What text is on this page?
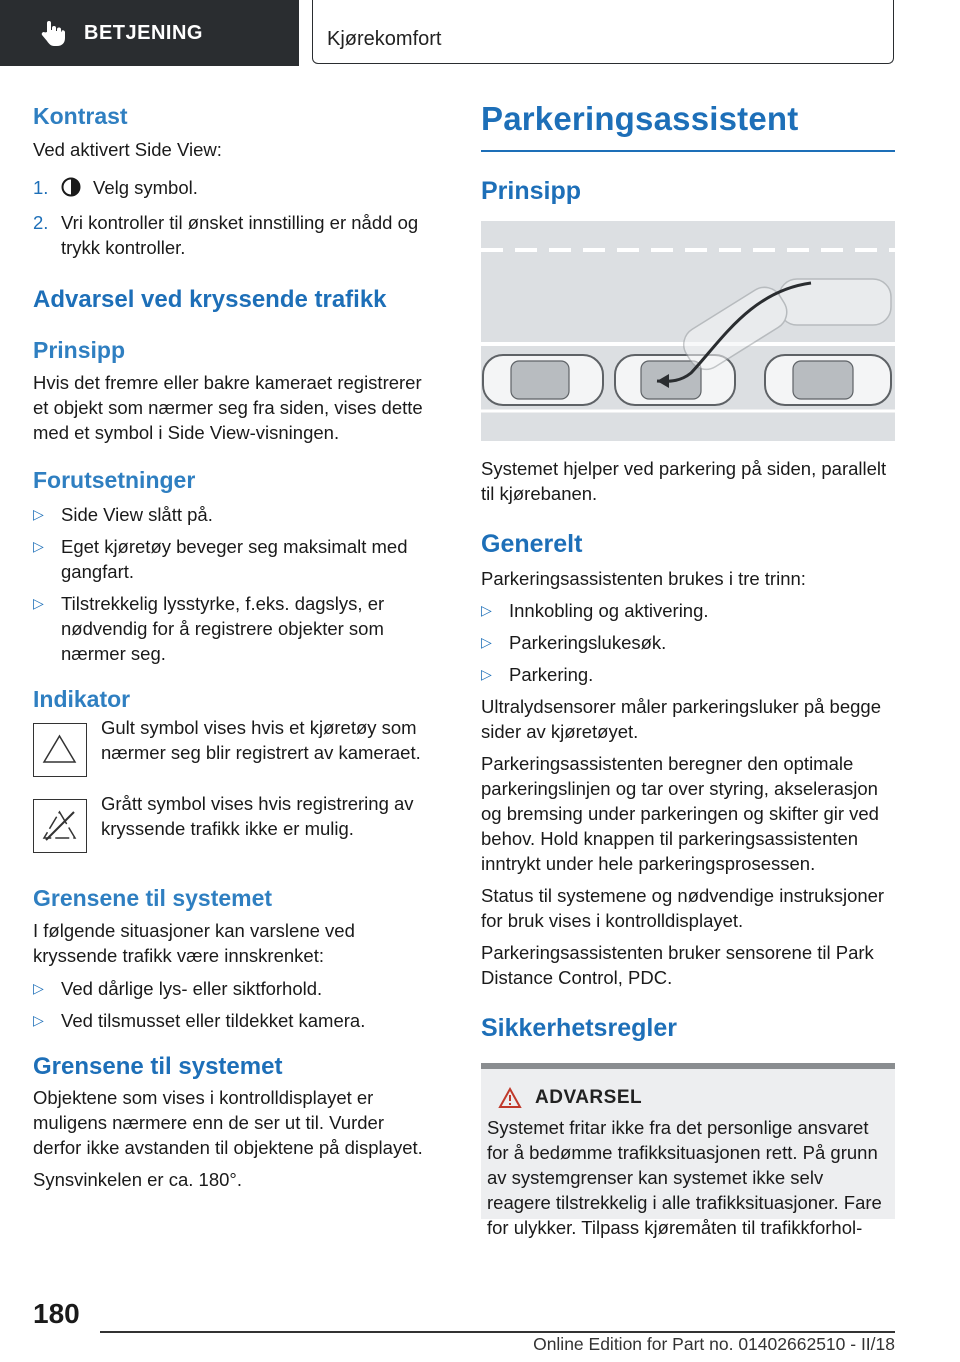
BETJENING	Kjørekomfort
Kontrast

Ved aktivert Side View:

1.	Velg symbol.
2. Vri kontroller til ønsket innstilling er nådd og trykk kontroller.
Advarsel ved kryssende trafikk
Prinsipp

Hvis det fremre eller bakre kameraet registrerer et objekt som nærmer seg fra siden, vises dette med et symbol i Side View-visningen.

Forutsetninger
▷ Side View slått på.
▷ Eget kjøretøy beveger seg maksimalt med gangfart.
▷ Tilstrekkelig lysstyrke, f.eks. dagslys, er nødvendig for å registrere objekter som nærmer seg.
Indikator
Gult symbol vises hvis et kjøretøy som nærmer seg blir registrert av kameraet.
Grått symbol vises hvis registrering av kryssende trafikk ikke er mulig.
Grensene til systemet

I følgende situasjoner kan varslene ved kryssende trafikk være innskrenket:

▷ Ved dårlige lys- eller siktforhold.
▷ Ved tilsmusset eller tildekket kamera.
Grensene til systemet

Objektene som vises i kontrolldisplayet er muligens nærmere enn de ser ut til. Vurder derfor ikke avstanden til objektene på displayet.

Synsvinkelen er ca. 180°.

Parkeringsassistent
Prinsipp

Systemet hjelper ved parkering på siden, parallelt til kjørebanen.

Generelt

Parkeringsassistenten brukes i tre trinn:

▷ Innkobling og aktivering.
▷ Parkeringslukesøk.
▷ Parkering.

Ultralydsensorer måler parkeringsluker på begge sider av kjøretøyet.

Parkeringsassistenten beregner den optimale parkeringslinjen og tar over styring, akselerasjon og bremsing under parkeringen og skifter gir ved behov. Hold knappen til parkeringsassistenten inntrykt under hele parkeringsprosessen.

Status til systemene og nødvendige instruksjoner for bruk vises i kontrolldisplayet.

Parkeringsassistenten bruker sensorene til Park Distance Control, PDC.

Sikkerhetsregler
ADVARSEL

Systemet fritar ikke fra det personlige ansvaret for å bedømme trafikksituasjonen rett. På grunn av systemgrenser kan systemet ikke selv reagere tilstrekkelig i alle trafikksituasjoner. Fare for ulykker. Tilpass kjøremåten til trafikkforhol-

180
Online Edition for Part no. 01402662510 - II/18
